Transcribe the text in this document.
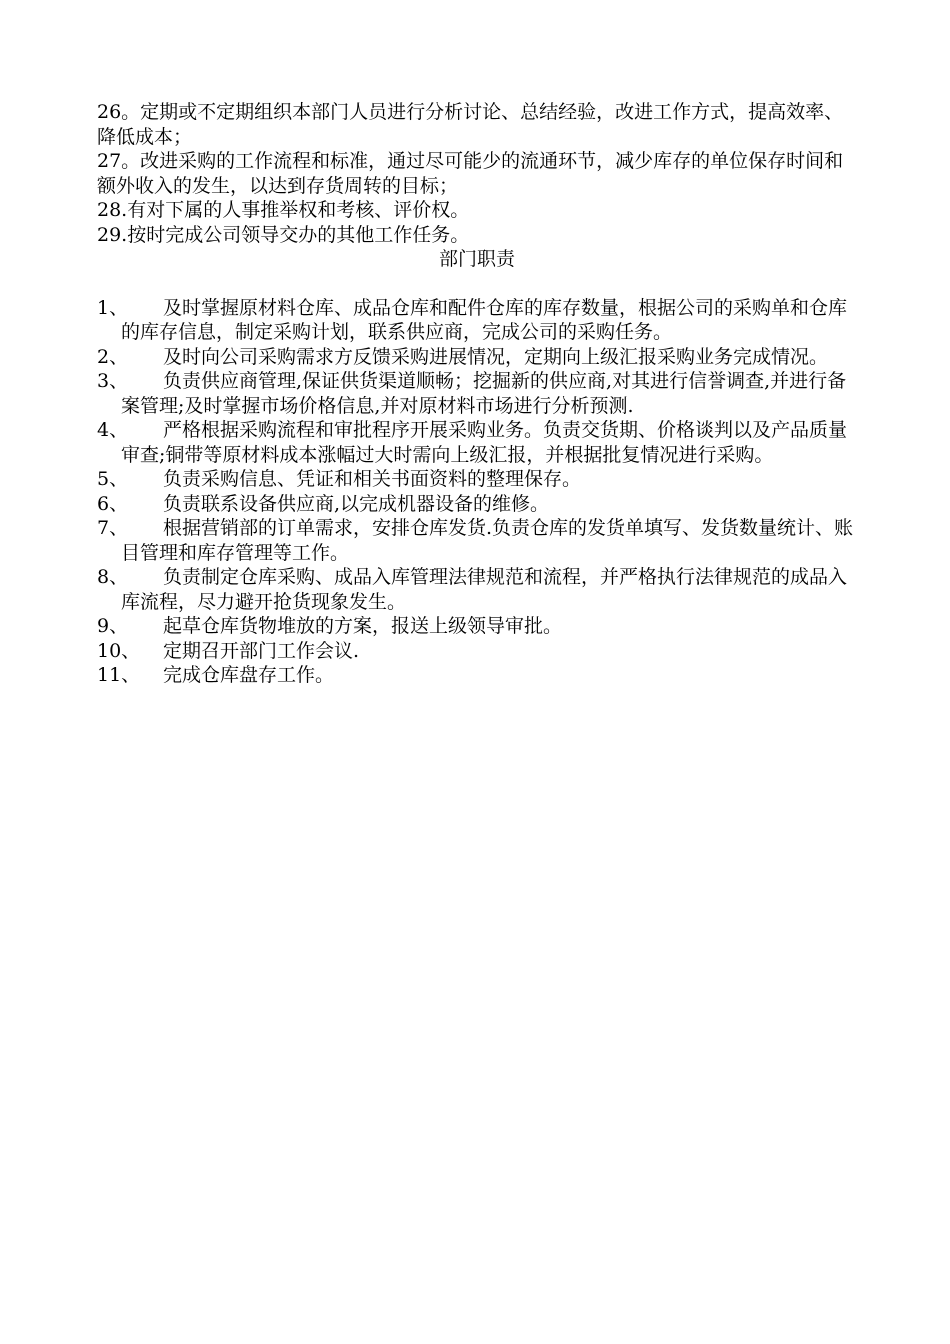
26。定期或不定期组织本部门人员进行分析讨论、总结经验，改进工作方式，提高效率、降低成本；

27。改进采购的工作流程和标准，通过尽可能少的流通环节，减少库存的单位保存时间和额外收入的发生，以达到存货周转的目标；

28.有对下属的人事推举权和考核、评价权。

29.按时完成公司领导交办的其他工作任务。

部门职责

1、	及时掌握原材料仓库、成品仓库和配件仓库的库存数量，根据公司的采购单和仓库的库存信息，制定采购计划，联系供应商，完成公司的采购任务。
2、	及时向公司采购需求方反馈采购进展情况，定期向上级汇报采购业务完成情况。
3、	负责供应商管理,保证供货渠道顺畅；挖掘新的供应商,对其进行信誉调查,并进行备案管理;及时掌握市场价格信息,并对原材料市场进行分析预测.
4、	严格根据采购流程和审批程序开展采购业务。负责交货期、价格谈判以及产品质量审查;铜带等原材料成本涨幅过大时需向上级汇报，并根据批复情况进行采购。
5、	负责采购信息、凭证和相关书面资料的整理保存。
6、	负责联系设备供应商,以完成机器设备的维修。
7、	根据营销部的订单需求，安排仓库发货.负责仓库的发货单填写、发货数量统计、账目管理和库存管理等工作。
8、	负责制定仓库采购、成品入库管理法律规范和流程，并严格执行法律规范的成品入库流程，尽力避开抢货现象发生。
9、	起草仓库货物堆放的方案，报送上级领导审批。
10、	定期召开部门工作会议.
11、	完成仓库盘存工作。
